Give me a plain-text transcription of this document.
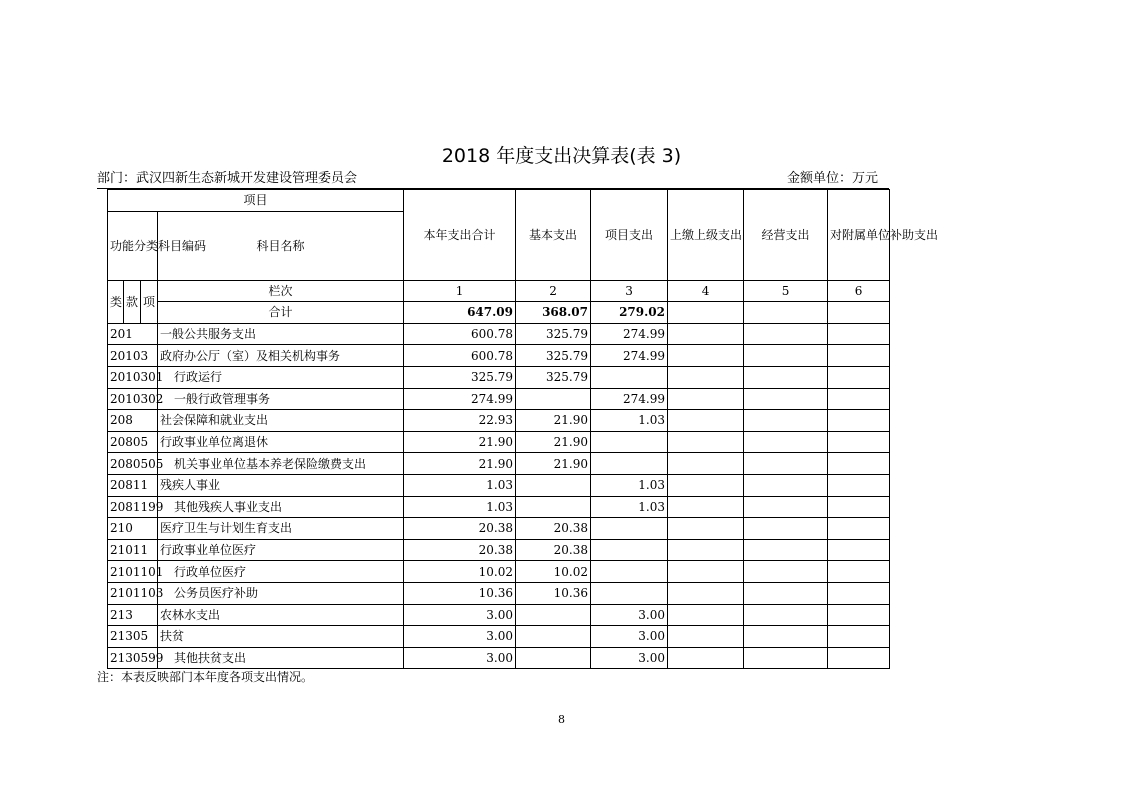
2018 年度支出决算表(表 3)
部门：武汉四新生态新城开发建设管理委员会	金额单位：万元
项目				本年支出合计	基本支出	项目支出	上缴上级支出	经营支出	对附属单位补助支出
功能分类科目编码			科目名称						
类	款	项	栏次	1	2	3	4	5	6
			合计	647.09	368.07	279.02			
201			一般公共服务支出	600.78	325.79	274.99			
20103			政府办公厅（室）及相关机构事务	600.78	325.79	274.99			
2010301			行政运行	325.79	325.79				
2010302			一般行政管理事务	274.99		274.99			
208			社会保障和就业支出	22.93	21.90	1.03			
20805			行政事业单位离退休	21.90	21.90				
2080505			机关事业单位基本养老保险缴费支出	21.90	21.90				
20811			残疾人事业	1.03		1.03			
2081199			其他残疾人事业支出	1.03		1.03			
210			医疗卫生与计划生育支出	20.38	20.38				
21011			行政事业单位医疗	20.38	20.38				
2101101			行政单位医疗	10.02	10.02				
2101103			公务员医疗补助	10.36	10.36				
213			农林水支出	3.00		3.00			
21305			扶贫	3.00		3.00			
2130599			其他扶贫支出	3.00		3.00			
注：本表反映部门本年度各项支出情况。
8
